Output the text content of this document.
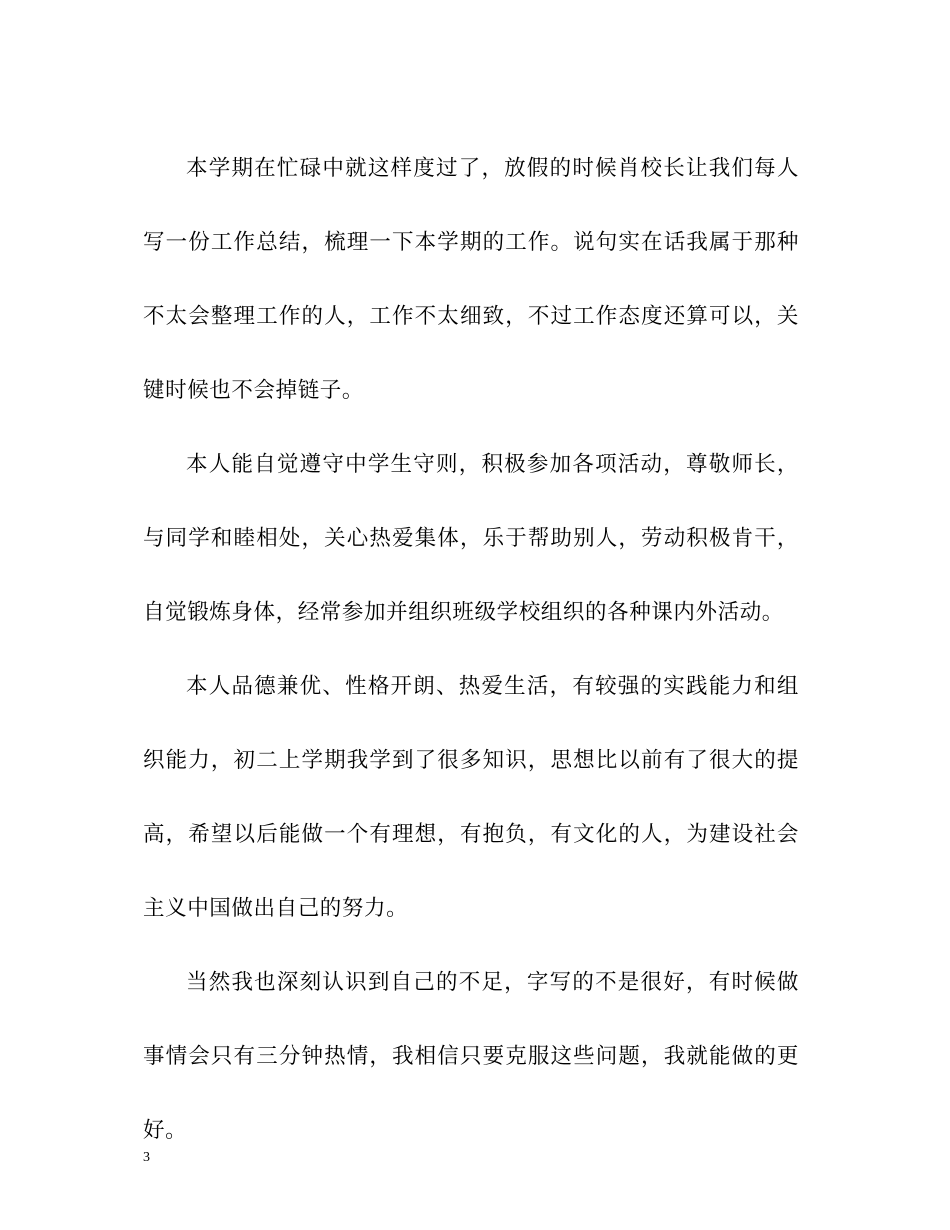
本学期在忙碌中就这样度过了，放假的时候肖校长让我们每人写一份工作总结，梳理一下本学期的工作。说句实在话我属于那种不太会整理工作的人，工作不太细致，不过工作态度还算可以，关键时候也不会掉链子。

本人能自觉遵守中学生守则，积极参加各项活动，尊敬师长，与同学和睦相处，关心热爱集体，乐于帮助别人，劳动积极肯干，自觉锻炼身体，经常参加并组织班级学校组织的各种课内外活动。

本人品德兼优、性格开朗、热爱生活，有较强的实践能力和组织能力，初二上学期我学到了很多知识，思想比以前有了很大的提高，希望以后能做一个有理想，有抱负，有文化的人，为建设社会主义中国做出自己的努力。

当然我也深刻认识到自己的不足，字写的不是很好，有时候做事情会只有三分钟热情，我相信只要克服这些问题，我就能做的更好。

3
